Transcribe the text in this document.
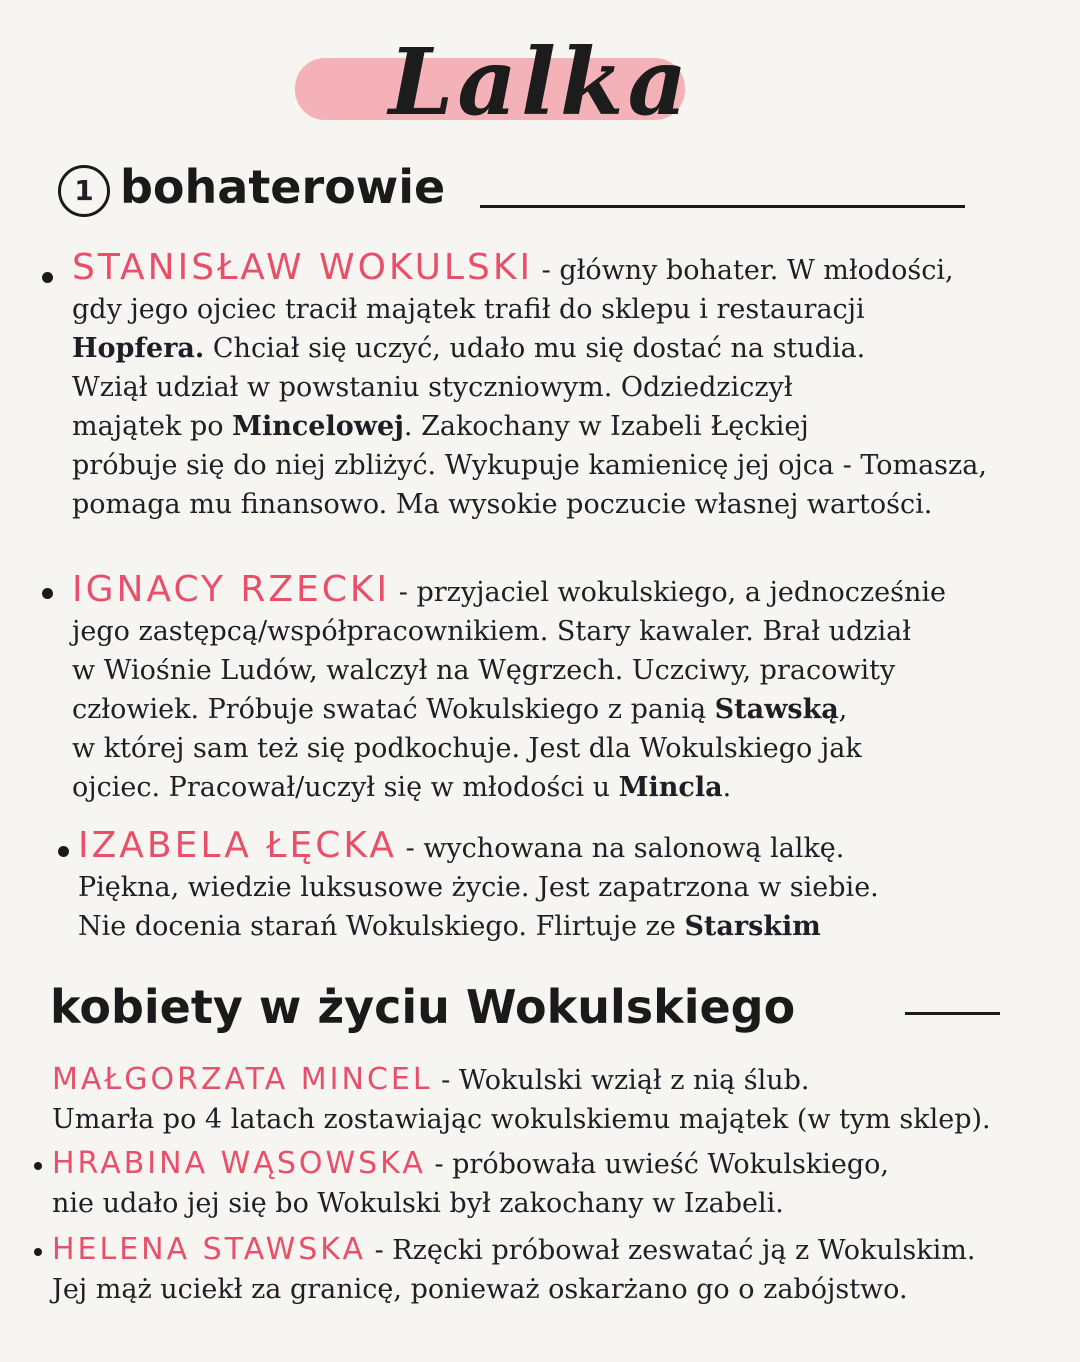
Lalka
1 bohaterowie
STANISŁAW WOKULSKI - główny bohater. W młodości,
gdy jego ojciec tracił majątek trafił do sklepu i restauracji
Hopfera. Chciał się uczyć, udało mu się dostać na studia.
Wziął udział w powstaniu styczniowym. Odziedziczył
majątek po Mincelowej. Zakochany w Izabeli Łęckiej
próbuje się do niej zbliżyć. Wykupuje kamienicę jej ojca - Tomasza,
pomaga mu finansowo. Ma wysokie poczucie własnej wartości.
IGNACY RZECKI - przyjaciel wokulskiego, a jednocześnie
jego zastępcą/współpracownikiem. Stary kawaler. Brał udział
w Wiośnie Ludów, walczył na Węgrzech. Uczciwy, pracowity
człowiek. Próbuje swatać Wokulskiego z panią Stawską,
w której sam też się podkochuje. Jest dla Wokulskiego jak
ojciec. Pracował/uczył się w młodości u Mincla.
IZABELA ŁĘCKA - wychowana na salonową lalkę.
Piękna, wiedzie luksusowe życie. Jest zapatrzona w siebie.
Nie docenia starań Wokulskiego. Flirtuje ze Starskim
kobiety w życiu Wokulskiego
MAŁGORZATA MINCEL - Wokulski wziął z nią ślub.
Umarła po 4 latach zostawiając wokulskiemu majątek (w tym sklep).
HRABINA WĄSOWSKA - próbowała uwieść Wokulskiego,
nie udało jej się bo Wokulski był zakochany w Izabeli.
HELENA STAWSKA - Rzęcki próbował zeswatać ją z Wokulskim.
Jej mąż uciekł za granicę, ponieważ oskarżano go o zabójstwo.
